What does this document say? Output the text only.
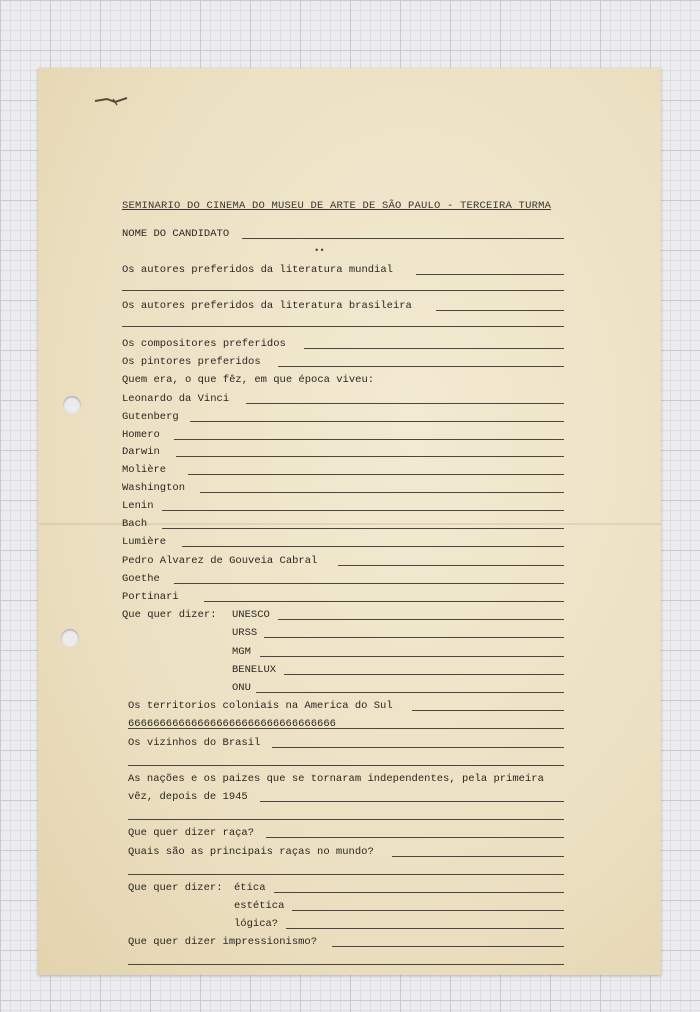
••
SEMINARIO DO CINEMA DO MUSEU DE ARTE DE SÃO PAULO - TERCEIRA TURMA
NOME DO CANDIDATO
Os autores preferidos da literatura mundial
Os autores preferidos da literatura brasileira
Os compositores preferidos
Os pintores preferidos
Quem era, o que fêz, em que época viveu:
Leonardo da Vinci
Gutenberg
Homero
Darwin
Molière
Washington
Lenin
Bach
Lumière
Pedro Alvarez de Gouveia Cabral
Goethe
Portinari
Que quer dizer: UNESCO
URSS
MGM
BENELUX
ONU
Os territorios coloniais na America do Sul
666666666666666666666666666666666
Os vizinhos do Brasil
As nações e os paizes que se tornaram independentes, pela primeira
vêz, depois de 1945
Que quer dizer raça?
Quais são as principais raças no mundo?
Que quer dizer: ética
estética
lógica?
Que quer dizer impressionismo?
